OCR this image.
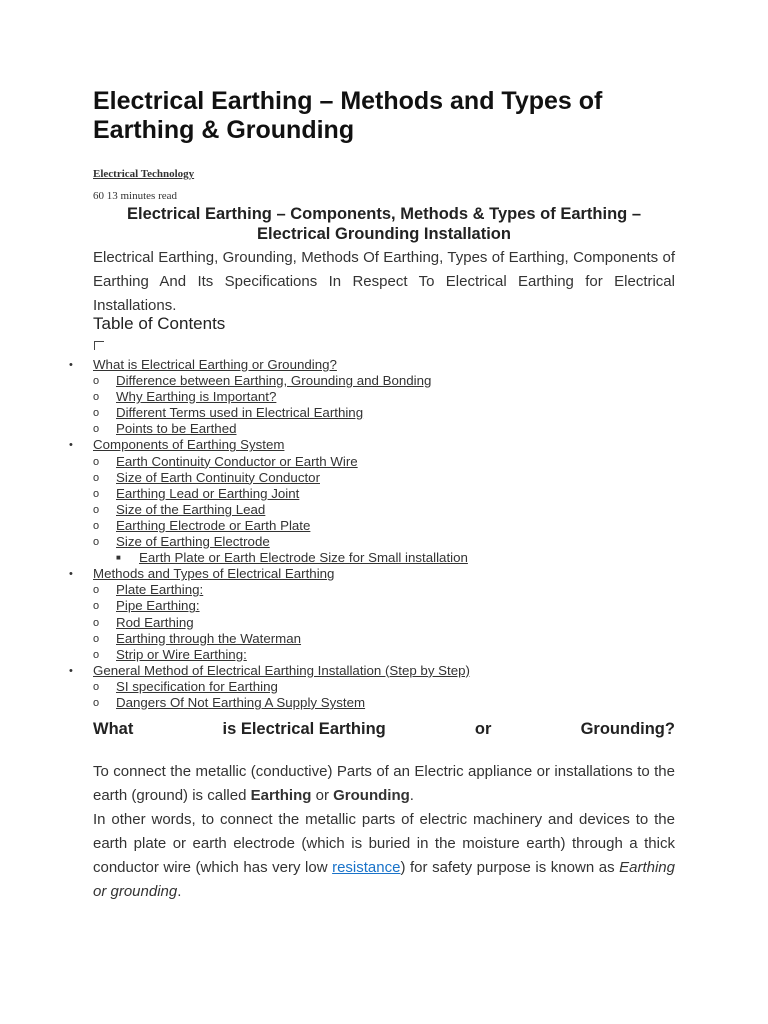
Electrical Earthing – Methods and Types of Earthing & Grounding
Electrical Technology
60 13 minutes read
Electrical Earthing – Components, Methods & Types of Earthing –
Electrical Grounding Installation

Electrical Earthing, Grounding, Methods Of Earthing, Types of Earthing, Components of Earthing And Its Specifications In Respect To Electrical Earthing for Electrical Installations.

Table of Contents
• What is Electrical Earthing or Grounding?
o Difference between Earthing, Grounding and Bonding
o Why Earthing is Important?
o Different Terms used in Electrical Earthing
o Points to be Earthed
• Components of Earthing System
o Earth Continuity Conductor or Earth Wire
o Size of Earth Continuity Conductor
o Earthing Lead or Earthing Joint
o Size of the Earthing Lead
o Earthing Electrode or Earth Plate
o Size of Earthing Electrode
■ Earth Plate or Earth Electrode Size for Small installation
• Methods and Types of Electrical Earthing
o Plate Earthing:
o Pipe Earthing:
o Rod Earthing
o Earthing through the Waterman
o Strip or Wire Earthing:
• General Method of Electrical Earthing Installation (Step by Step)
o SI specification for Earthing
o Dangers Of Not Earthing A Supply System
What	is Electrical Earthing	or	Grounding?

To connect the metallic (conductive) Parts of an Electric appliance or installations to the earth (ground) is called Earthing or Grounding.

In other words, to connect the metallic parts of electric machinery and devices to the earth plate or earth electrode (which is buried in the moisture earth) through a thick conductor wire (which has very low resistance) for safety purpose is known as Earthing or grounding.
